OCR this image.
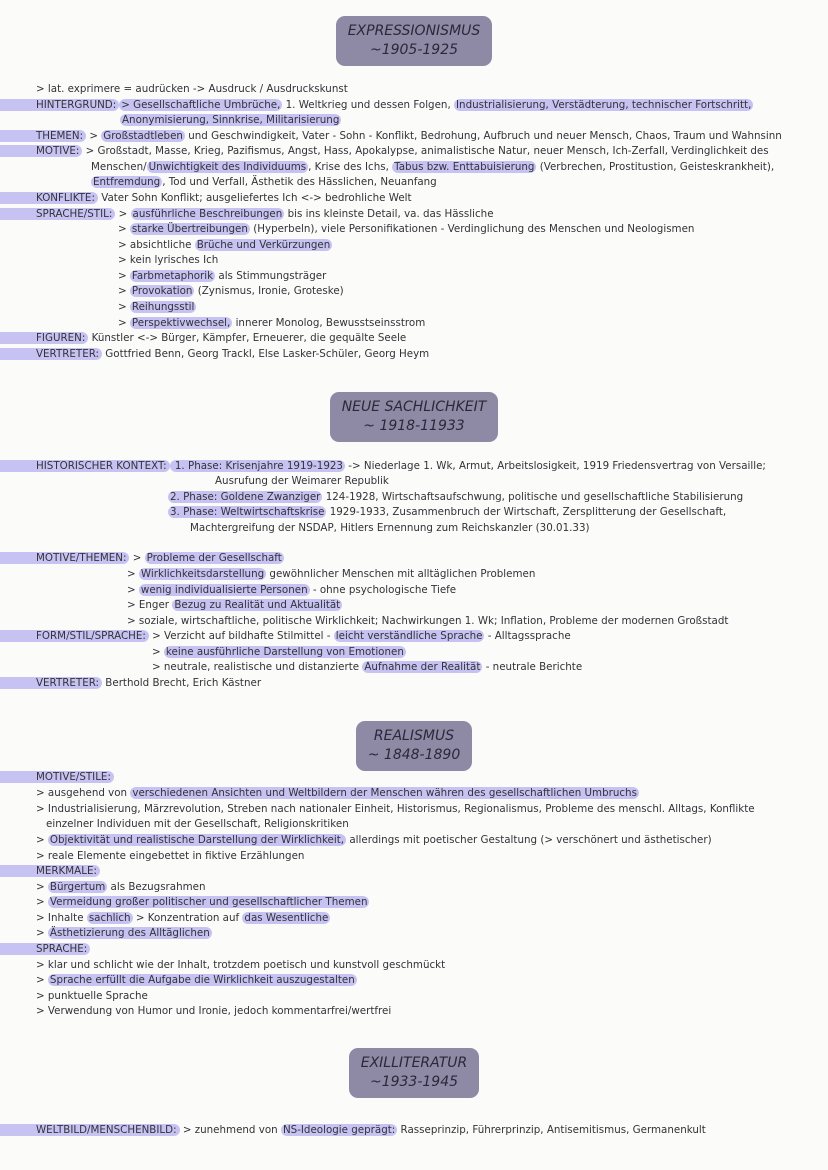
EXPRESSIONISMUS
~1905-1925
> lat. exprimere = audrücken -> Ausdruck / Ausdruckskunst
HINTERGRUND: > Gesellschaftliche Umbrüche, 1. Weltkrieg und dessen Folgen, Industrialisierung, Verstädterung, technischer Fortschritt,
Anonymisierung, Sinnkrise, Militarisierung
THEMEN: > Großstadtleben und Geschwindigkeit, Vater - Sohn - Konflikt, Bedrohung, Aufbruch und neuer Mensch, Chaos, Traum und Wahnsinn
MOTIVE: > Großstadt, Masse, Krieg, Pazifismus, Angst, Hass, Apokalypse, animalistische Natur, neuer Mensch, Ich-Zerfall, Verdinglichkeit des
Menschen/ Unwichtigkeit des Individuums , Krise des Ichs, Tabus bzw. Enttabuisierung (Verbrechen, Prostitustion, Geisteskrankheit),
Entfremdung , Tod und Verfall, Ästhetik des Hässlichen, Neuanfang
KONFLIKTE: Vater Sohn Konflikt; ausgeliefertes Ich <-> bedrohliche Welt
SPRACHE/STIL: > ausführliche Beschreibungen bis ins kleinste Detail, va. das Hässliche
> starke Übertreibungen (Hyperbeln), viele Personifikationen - Verdinglichung des Menschen und Neologismen
> absichtliche Brüche und Verkürzungen
> kein lyrisches Ich
> Farbmetaphorik als Stimmungsträger
> Provokation (Zynismus, Ironie, Groteske)
> Reihungsstil
> Perspektivwechsel, innerer Monolog, Bewusstseinsstrom
FIGUREN: Künstler <-> Bürger, Kämpfer, Erneuerer, die gequälte Seele
VERTRETER: Gottfried Benn, Georg Trackl, Else Lasker-Schüler, Georg Heym
NEUE SACHLICHKEIT
~ 1918-11933
HISTORISCHER KONTEXT: 1. Phase: Krisenjahre 1919-1923 -> Niederlage 1. Wk, Armut, Arbeitslosigkeit, 1919 Friedensvertrag von Versaille;
Ausrufung der Weimarer Republik
2. Phase: Goldene Zwanziger 124-1928, Wirtschaftsaufschwung, politische und gesellschaftliche Stabilisierung
3. Phase: Weltwirtschaftskrise 1929-1933, Zusammenbruch der Wirtschaft, Zersplitterung der Gesellschaft,
Machtergreifung der NSDAP, Hitlers Ernennung zum Reichskanzler (30.01.33)
MOTIVE/THEMEN: > Probleme der Gesellschaft
> Wirklichkeitsdarstellung gewöhnlicher Menschen mit alltäglichen Problemen
> wenig individualisierte Personen - ohne psychologische Tiefe
> Enger Bezug zu Realität und Aktualität
> soziale, wirtschaftliche, politische Wirklichkeit; Nachwirkungen 1. Wk; Inflation, Probleme der modernen Großstadt
FORM/STIL/SPRACHE: > Verzicht auf bildhafte Stilmittel - leicht verständliche Sprache - Alltagssprache
> keine ausführliche Darstellung von Emotionen
> neutrale, realistische und distanzierte Aufnahme der Realität - neutrale Berichte
VERTRETER: Berthold Brecht, Erich Kästner
REALISMUS
~ 1848-1890
MOTIVE/STILE:
> ausgehend von verschiedenen Ansichten und Weltbildern der Menschen währen des gesellschaftlichen Umbruchs
> Industrialisierung, Märzrevolution, Streben nach nationaler Einheit, Historismus, Regionalismus, Probleme des menschl. Alltags, Konflikte
einzelner Individuen mit der Gesellschaft, Religionskritiken
> Objektivität und realistische Darstellung der Wirklichkeit, allerdings mit poetischer Gestaltung (> verschönert und ästhetischer)
> reale Elemente eingebettet in fiktive Erzählungen
MERKMALE:
> Bürgertum als Bezugsrahmen
> Vermeidung großer politischer und gesellschaftlicher Themen
> Inhalte sachlich > Konzentration auf das Wesentliche
> Ästhetizierung des Alltäglichen
SPRACHE:
> klar und schlicht wie der Inhalt, trotzdem poetisch und kunstvoll geschmückt
> Sprache erfüllt die Aufgabe die Wirklichkeit auszugestalten
> punktuelle Sprache
> Verwendung von Humor und Ironie, jedoch kommentarfrei/wertfrei
EXILLITERATUR
~1933-1945
WELTBILD/MENSCHENBILD: > zunehmend von NS-Ideologie geprägt: Rasseprinzip, Führerprinzip, Antisemitismus, Germanenkult
